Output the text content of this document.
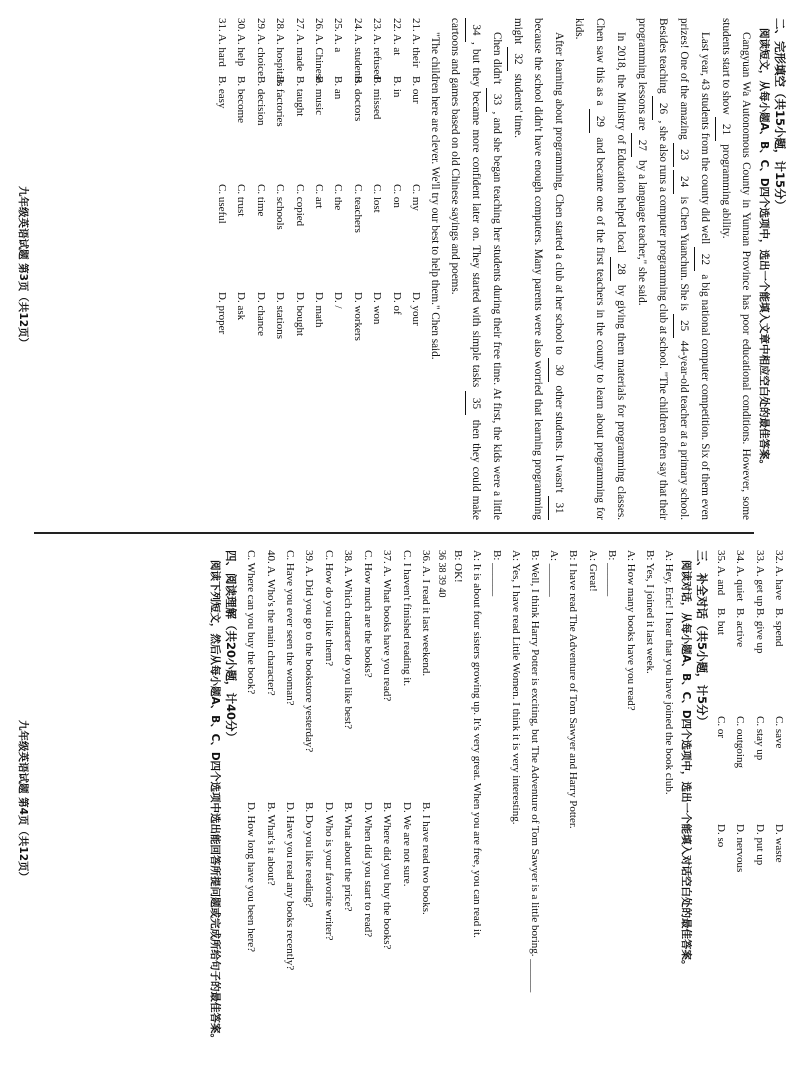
二、完形填空（共15小题，计15分）
阅读短文，从每小题A、B、C、D四个选项中，选出一个能填入文章中相应空白处的最佳答案。

Cangyuan Wa Autonomous County in Yunnan Province has poor educational conditions. However, some students start to show 21 programming ability.

Last year, 43 students from the county did well 22 a big national computer competition. Six of them even prizes! One of the amazing 23 24 is Chen Yuanchun. She is 25 44-year-old teacher at a primary school. Besides teaching 26, she also runs a computer programming club at school. "The children often say that their programming lessons are 27 by a language teacher," she said.

In 2018, the Ministry of Education helped local 28 by giving them materials for programming classes. Chen saw this as a 29 and became one of the first teachers in the county to learn about programming for kids.

After learning about programming, Chen started a club at her school to 30 other students. It wasn't 31 because the school didn't have enough computers. Many parents were also worried that learning programming might 32 students' time.

Chen didn't 33, and she began teaching her students during their free time. At first, the kids were a little 34, but they became more confident later on. They started with simple tasks 35 then they could make cartoons and games based on old Chinese sayings and poems.

"The children here are clever. We'll try our best to help them." Chen said.

21. A. their
B. our
C. my
D. your
22. A. at
B. in
C. on
D. of
23. A. refused
B. missed
C. lost
D. won
24. A. students
B. doctors
C. teachers
D. workers
25. A. a
B. an
C. the
D. /
26. A. Chinese
B. music
C. art
D. math
27. A. made
B. taught
C. copied
D. bought
28. A. hospitals
B. factories
C. schools
D. stations
29. A. choice
B. decision
C. time
D. chance
30. A. help
B. become
C. trust
D. ask
31. A. hard
B. easy
C. useful
D. proper
九年级英语试题 第3页（共12页）
32. A. have
B. spend
C. save
D. waste
33. A. get up
B. give up
C. stay up
D. put up
34. A. quiet
B. active
C. outgoing
D. nervous
35. A. and
B. but
C. or
D. so
三、补全对话（共5小题，计5分）
阅读对话，从每小题A、B、C、D四个选项中，选出一个能填入对话空白处的最佳答案。
A: Hey, Eric! I hear that you have joined the book club.
B: Yes, I joined it last week.
A: How many books have you read?
B: ______
A: Great!
B: I have read The Adventure of Tom Sawyer and Harry Potter.
A: ______
B: Well, I think Harry Potter is exciting, but The Adventure of Tom Sawyer is a little boring. ______
A: Yes, I have read Little Women. I think it is very interesting.
B: ______
A: It is about four sisters growing up. It's very great. When you are free, you can read it.
B: OK!
36 38 39 40
36. A. I read it last weekend.
B. I have read two books.
C. I haven't finished reading it.
D. We are not sure.
37. A. What books have you read?
B. Where did you buy the books?
C. How much are the books?
D. When did you start to read?
38. A. Which character do you like best?
B. What about the price?
C. How do you like them?
D. Who is your favorite writer?
39. A. Did you go to the bookstore yesterday?
B. Do you like reading?
C. Have you ever seen the woman?
D. Have you read any books recently?
40. A. Who's the main character?
B. What's it about?
C. Where can you buy the book?
D. How long have you been here?
四、阅读理解（共20小题，计40分）
阅读下列短文，然后从每小题A、B、C、D四个选项中选出能回答所提问题或完成所给句子的最佳答案。
九年级英语试题 第4页（共12页）
